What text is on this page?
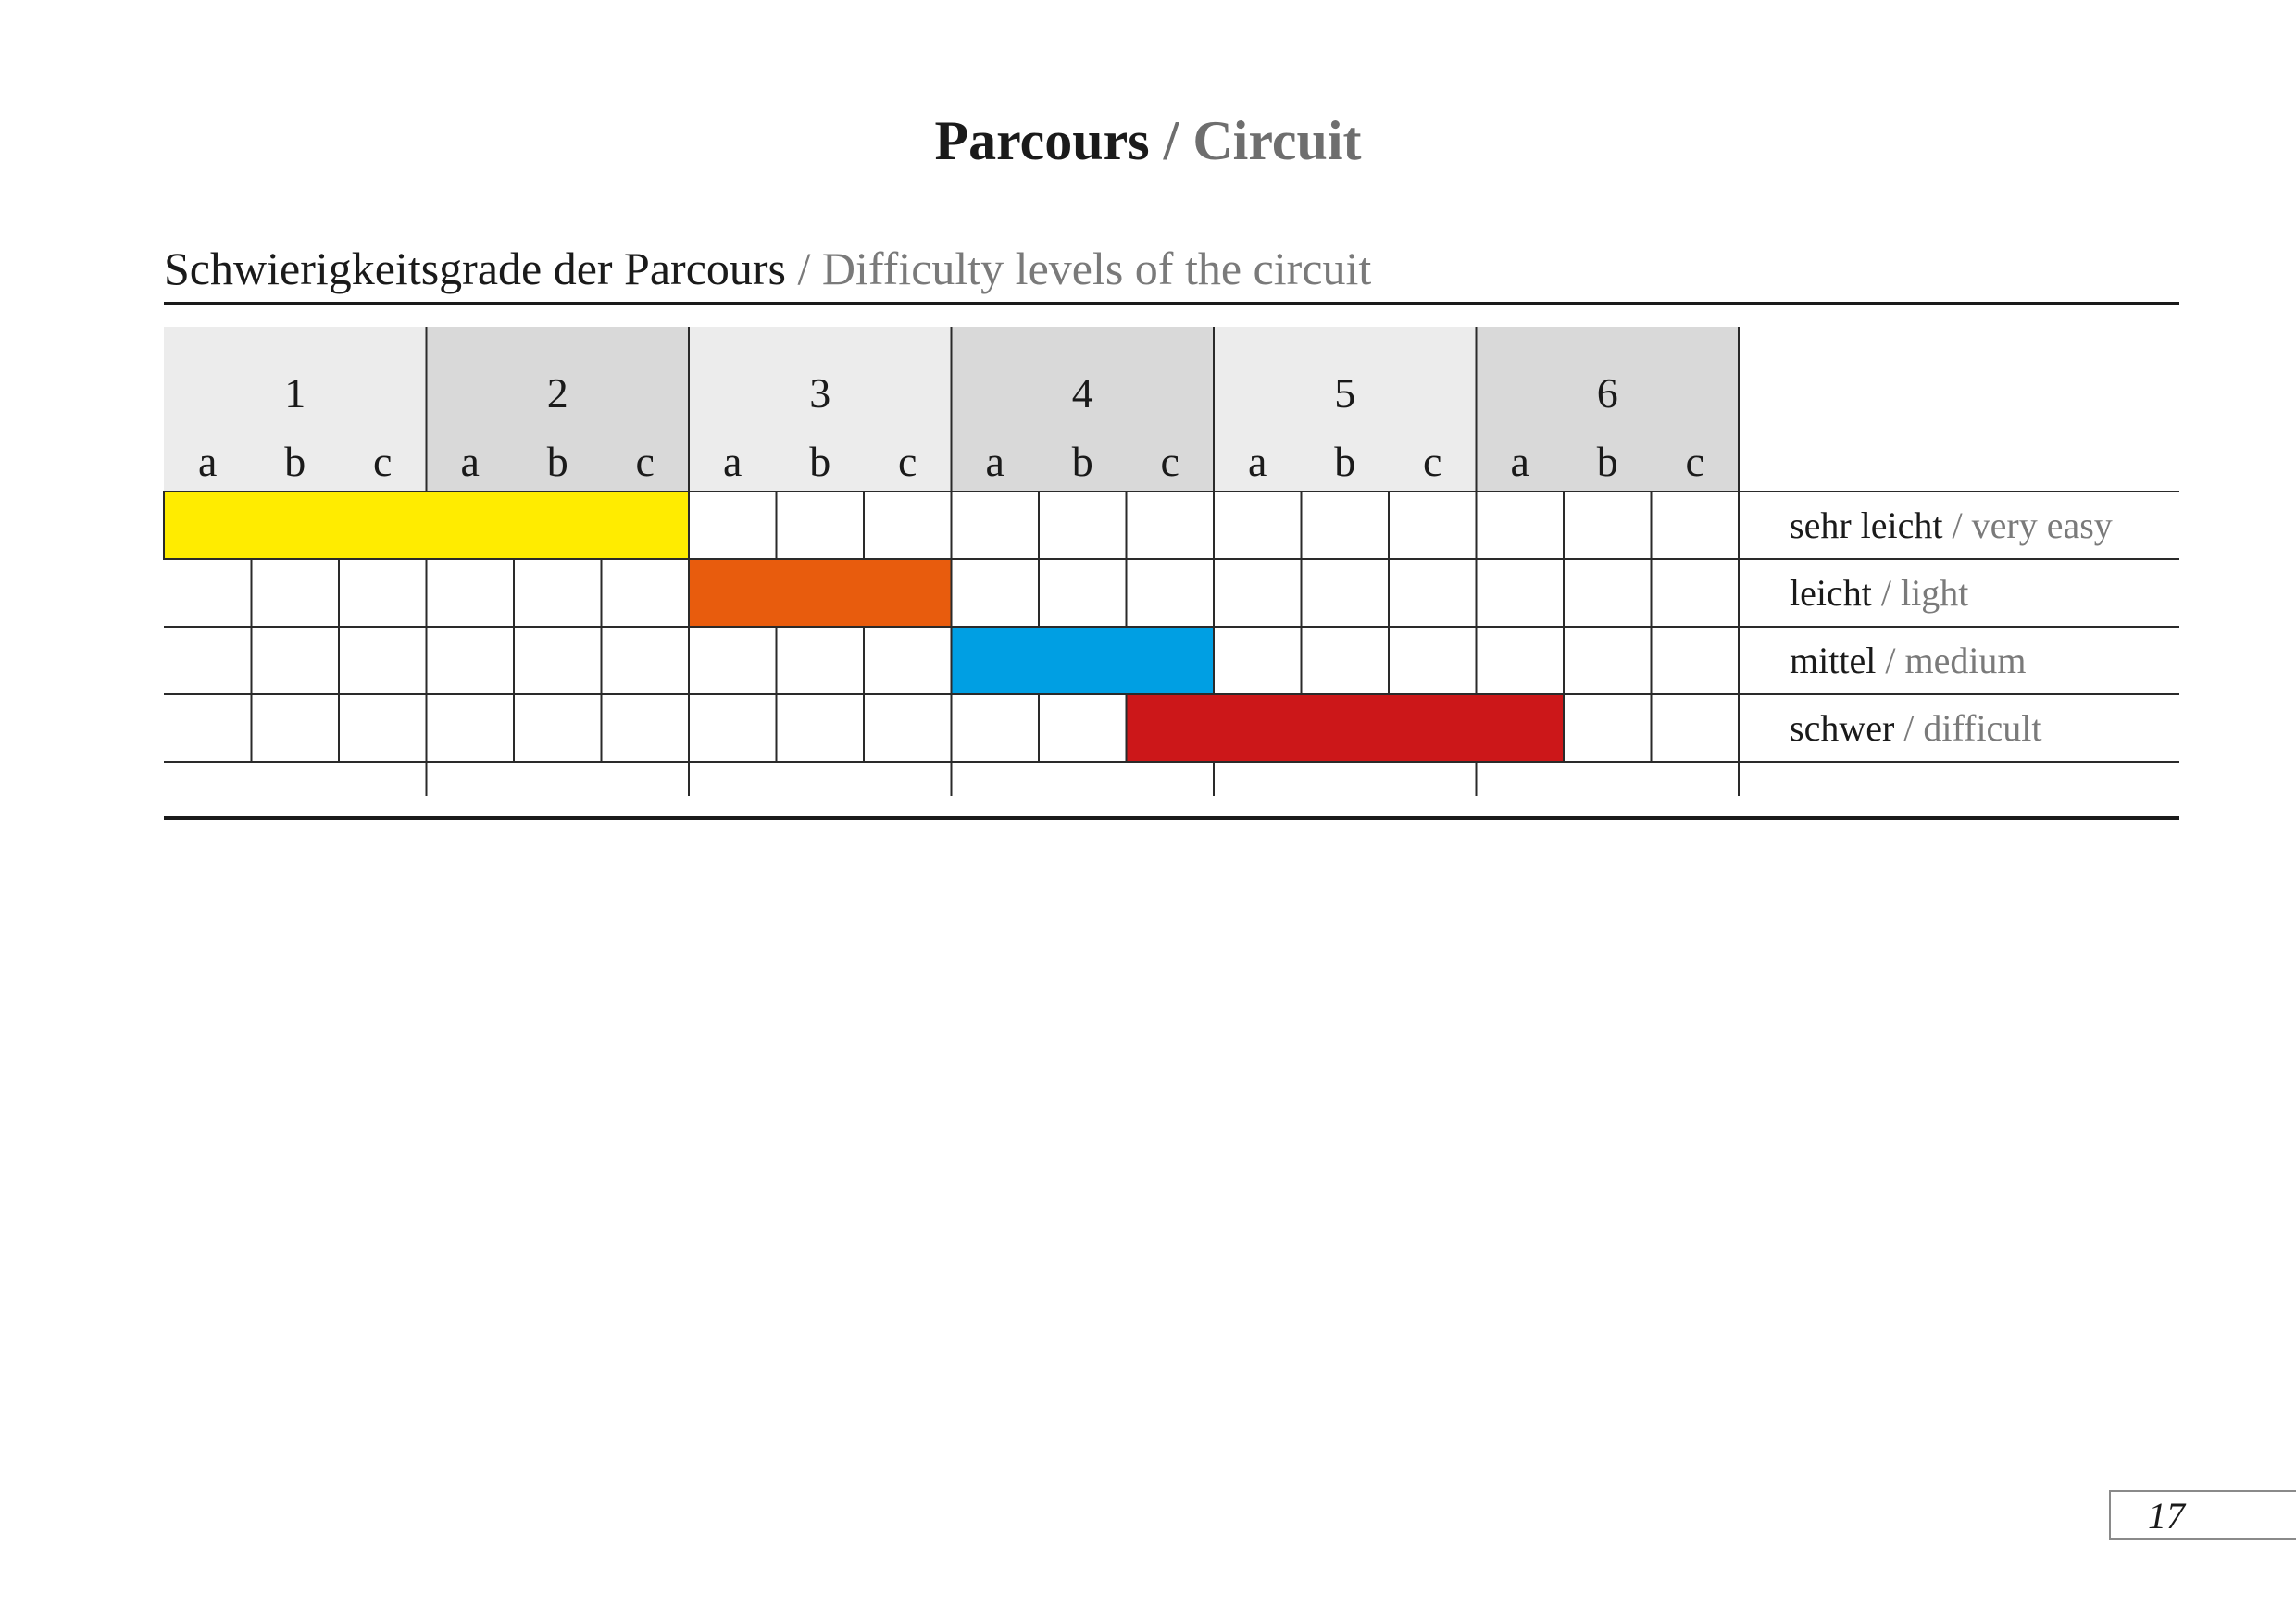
Parcours / Circuit
Schwierigkeitsgrade der Parcours / Difficulty levels of the circuit
1
a b c
2
a b c
3
a b c
4
a b c
5
a b c
6
a b c
sehr leicht / very easy
leicht / light
mittel / medium
schwer / difficult
17
